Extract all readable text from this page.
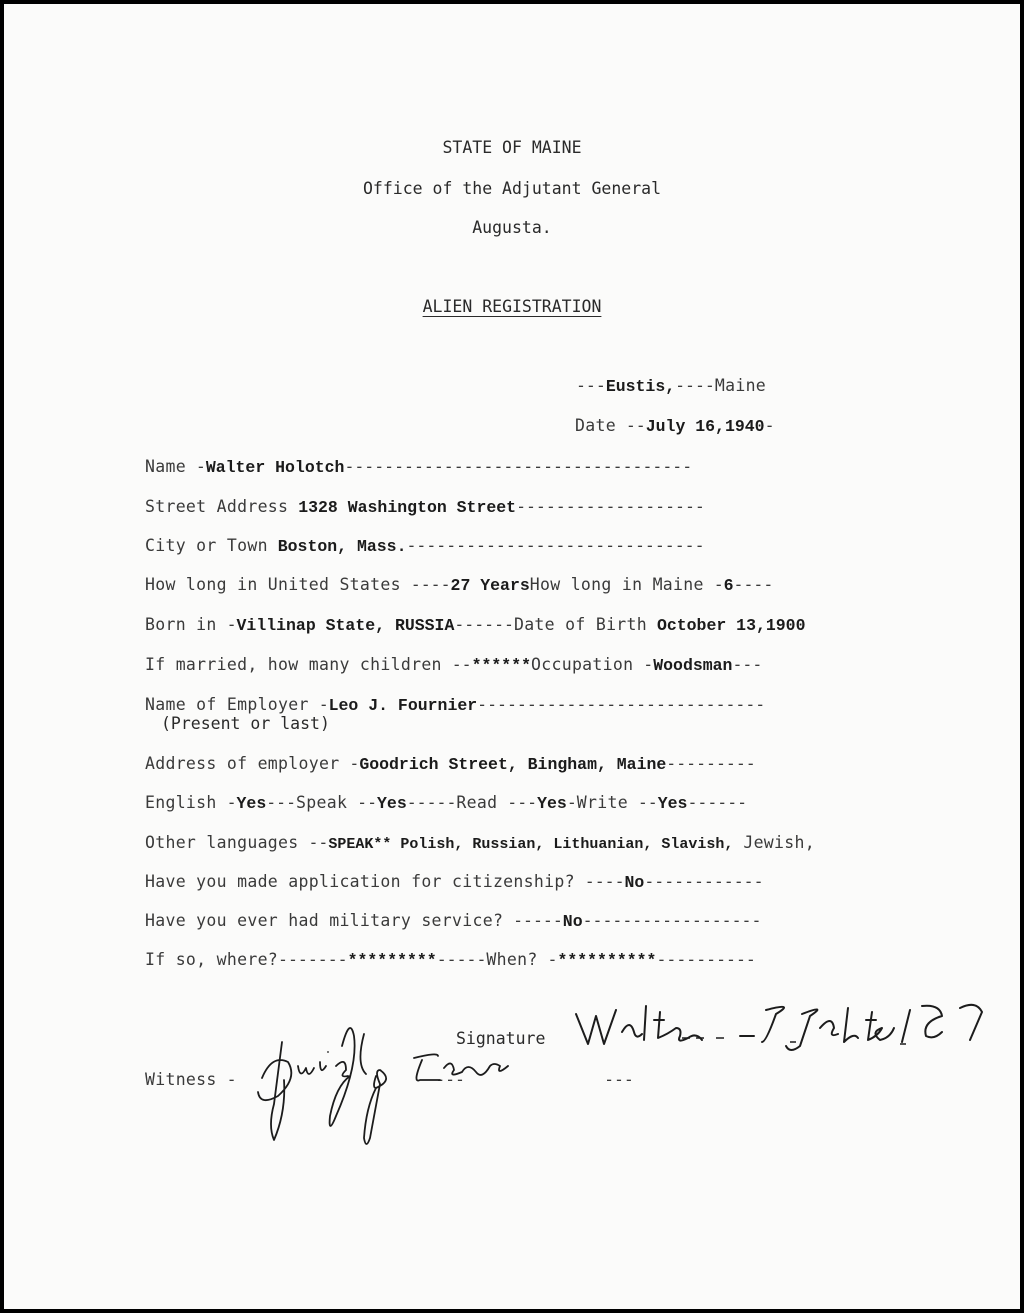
STATE OF MAINE
Office of the Adjutant General
Augusta.
ALIEN REGISTRATION
---Eustis,----Maine
Date --July 16,1940-
Name -Walter Holotch-----------------------------------
Street Address 1328 Washington Street-------------------
City or Town Boston, Mass.------------------------------
How long in United States ----27 YearsHow long in Maine -6----
Born in -Villinap State, RUSSIA------Date of Birth October 13,1900
If married, how many children --******Occupation -Woodsman---
Name of Employer -Leo J. Fournier-----------------------------
(Present or last)
Address of employer -Goodrich Street, Bingham, Maine---------
English -Yes---Speak --Yes-----Read ---Yes-Write --Yes------
Other languages --SPEAK** Polish, Russian, Lithuanian, Slavish, Jewish,
Have you made application for citizenship? ----No------------
Have you ever had military service? -----No------------------
If so, where?-------*********-----When? -**********----------
Signature
Witness -                    ---              ---
